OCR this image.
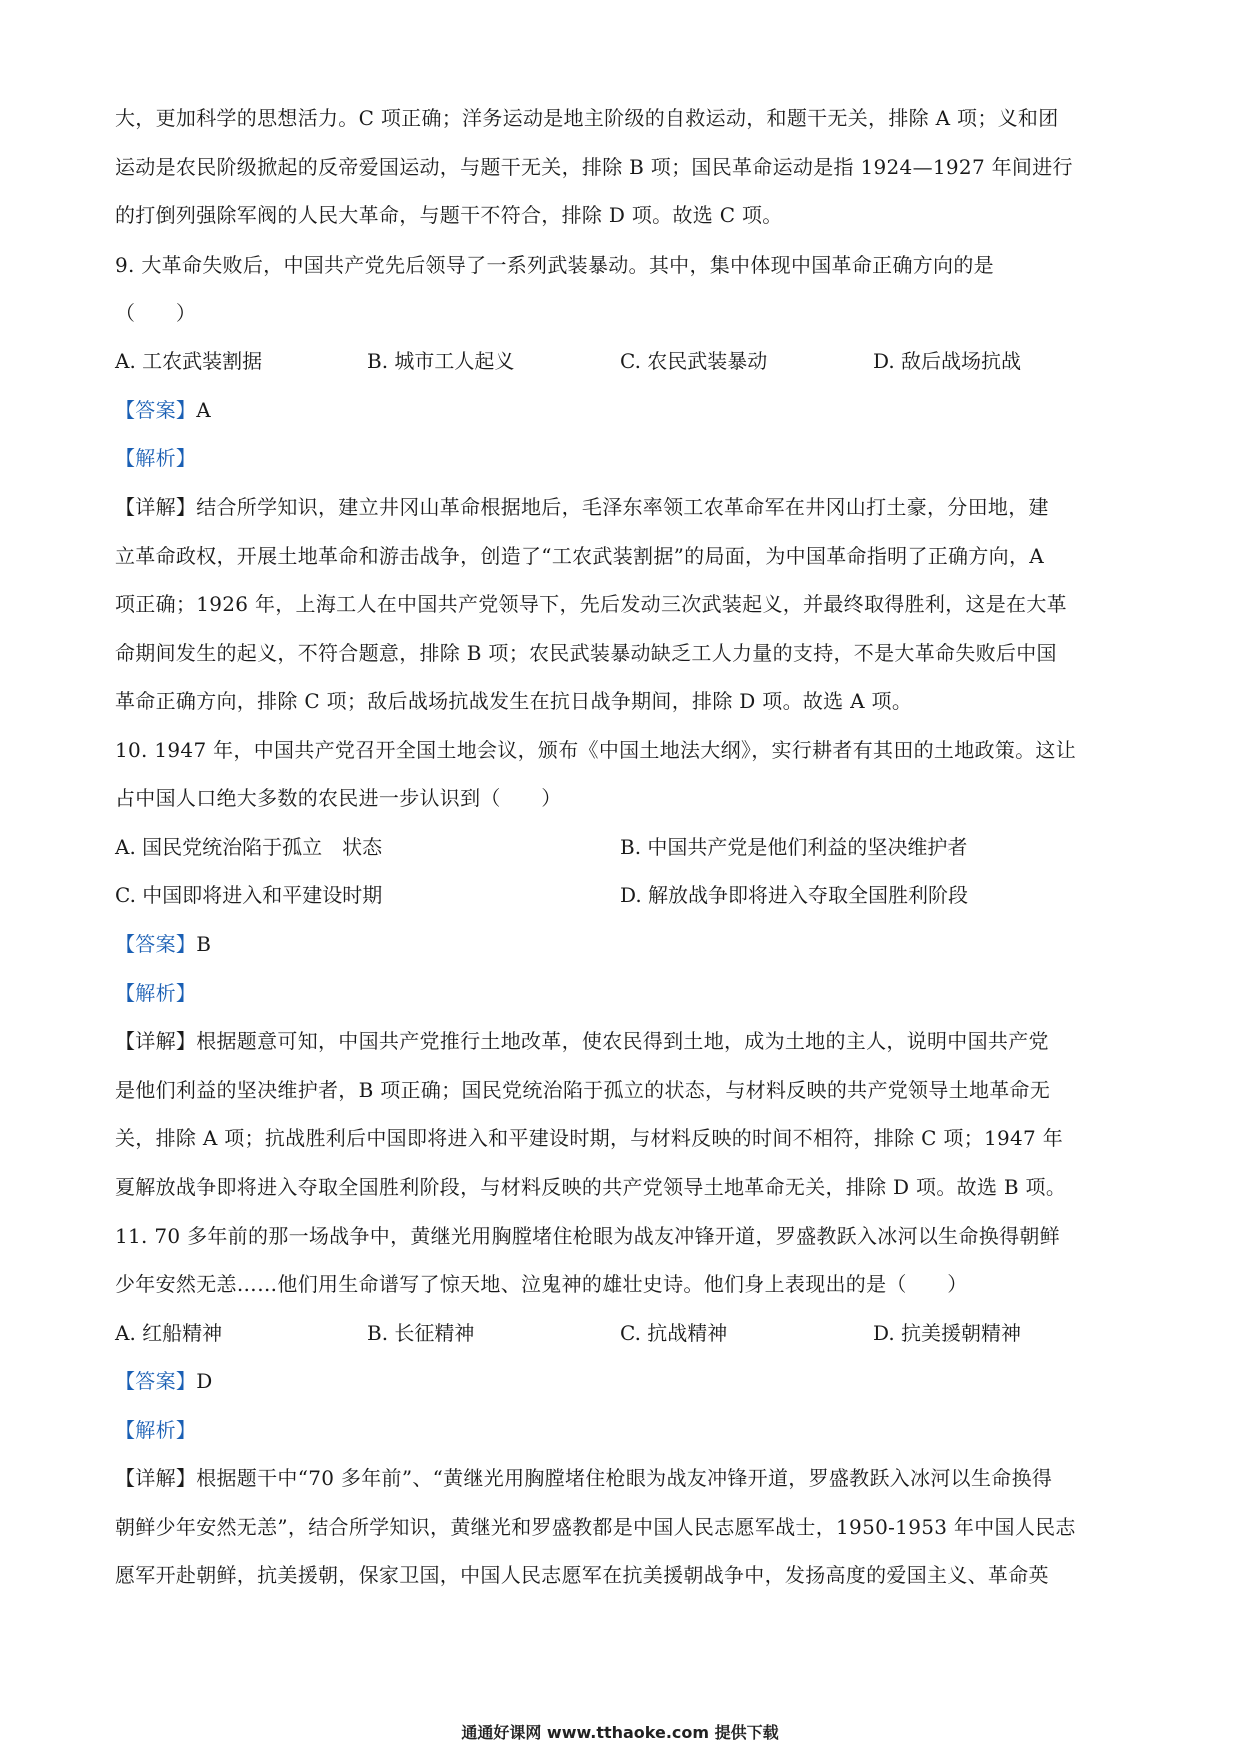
大，更加科学的思想活力。C 项正确；洋务运动是地主阶级的自救运动，和题干无关，排除 A 项；义和团
运动是农民阶级掀起的反帝爱国运动，与题干无关，排除 B 项；国民革命运动是指 1924—1927 年间进行
的打倒列强除军阀的人民大革命，与题干不符合，排除 D 项。故选 C 项。
9. 大革命失败后，中国共产党先后领导了一系列武装暴动。其中，集中体现中国革命正确方向的是
（　　）
A. 工农武装割据	B. 城市工人起义	C. 农民武装暴动	D. 敌后战场抗战
【答案】A
【解析】
【详解】结合所学知识，建立井冈山革命根据地后，毛泽东率领工农革命军在井冈山打土豪，分田地，建
立革命政权，开展土地革命和游击战争，创造了“工农武装割据”的局面，为中国革命指明了正确方向，A
项正确；1926 年，上海工人在中国共产党领导下，先后发动三次武装起义，并最终取得胜利，这是在大革
命期间发生的起义，不符合题意，排除 B 项；农民武装暴动缺乏工人力量的支持，不是大革命失败后中国
革命正确方向，排除 C 项；敌后战场抗战发生在抗日战争期间，排除 D 项。故选 A 项。
10. 1947 年，中国共产党召开全国土地会议，颁布《中国土地法大纲》，实行耕者有其田的土地政策。这让
占中国人口绝大多数的农民进一步认识到（　　）
A. 国民党统治陷于孤立　状态	B. 中国共产党是他们利益的坚决维护者
C. 中国即将进入和平建设时期	D. 解放战争即将进入夺取全国胜利阶段
【答案】B
【解析】
【详解】根据题意可知，中国共产党推行土地改革，使农民得到土地，成为土地的主人，说明中国共产党
是他们利益的坚决维护者，B 项正确；国民党统治陷于孤立的状态，与材料反映的共产党领导土地革命无
关，排除 A 项；抗战胜利后中国即将进入和平建设时期，与材料反映的时间不相符，排除 C 项；1947 年
夏解放战争即将进入夺取全国胜利阶段，与材料反映的共产党领导土地革命无关，排除 D 项。故选 B 项。
11. 70 多年前的那一场战争中，黄继光用胸膛堵住枪眼为战友冲锋开道，罗盛教跃入冰河以生命换得朝鲜
少年安然无恙……他们用生命谱写了惊天地、泣鬼神的雄壮史诗。他们身上表现出的是（　　）
A. 红船精神	B. 长征精神	C. 抗战精神	D. 抗美援朝精神
【答案】D
【解析】
【详解】根据题干中“70 多年前”、“黄继光用胸膛堵住枪眼为战友冲锋开道，罗盛教跃入冰河以生命换得
朝鲜少年安然无恙”，结合所学知识，黄继光和罗盛教都是中国人民志愿军战士，1950-1953 年中国人民志
愿军开赴朝鲜，抗美援朝，保家卫国，中国人民志愿军在抗美援朝战争中，发扬高度的爱国主义、革命英
通通好课网 www.tthaoke.com 提供下载
